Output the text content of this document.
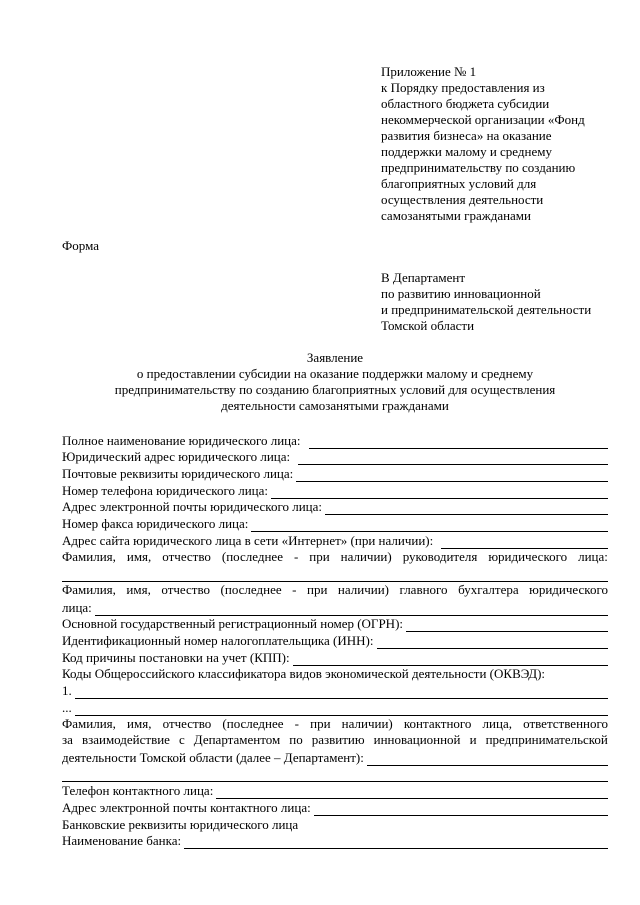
Приложение № 1
к Порядку предоставления из
областного бюджета субсидии
некоммерческой организации «Фонд
развития бизнеса» на оказание
поддержки малому и среднему
предпринимательству по созданию
благоприятных условий для
осуществления деятельности
самозанятыми гражданами
Форма
В Департамент
по развитию инновационной
и предпринимательской деятельности
Томской области
Заявление
о предоставлении субсидии на оказание поддержки малому и среднему
предпринимательству по созданию благоприятных условий для осуществления
деятельности самозанятыми гражданами
Полное наименование юридического лица:
Юридический адрес юридического лица:
Почтовые реквизиты юридического лица:
Номер телефона юридического лица:
Адрес электронной почты юридического лица:
Номер факса юридического лица:
Адрес сайта юридического лица в сети «Интернет» (при наличии):
Фамилия, имя, отчество (последнее - при наличии) руководителя юридического лица:
Фамилия, имя, отчество (последнее - при наличии) главного бухгалтера юридического
лица:
Основной государственный регистрационный номер (ОГРН):
Идентификационный номер налогоплательщика (ИНН):
Код причины постановки на учет (КПП):
Коды Общероссийского классификатора видов экономической деятельности (ОКВЭД):
1.
...
Фамилия, имя, отчество (последнее - при наличии) контактного лица, ответственного
за взаимодействие с Департаментом по развитию инновационной и предпринимательской
деятельности Томской области (далее – Департамент):
Телефон контактного лица:
Адрес электронной почты контактного лица:
Банковские реквизиты юридического лица
Наименование банка:
